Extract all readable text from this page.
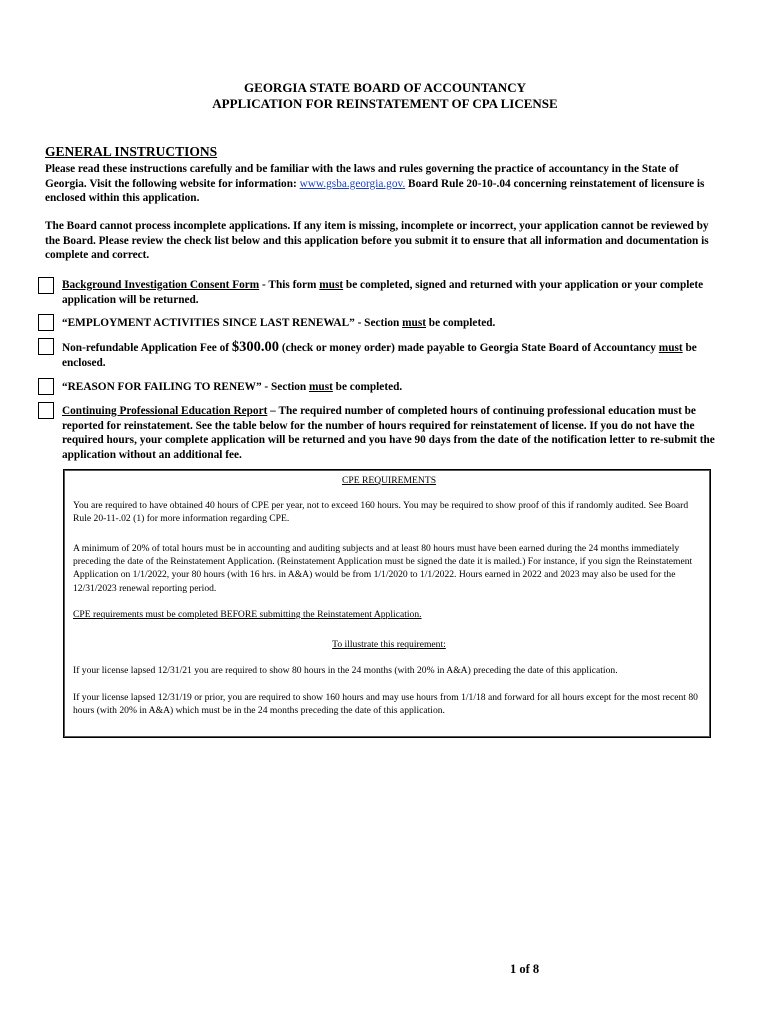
GEORGIA STATE BOARD OF ACCOUNTANCY
APPLICATION FOR REINSTATEMENT OF CPA LICENSE
GENERAL INSTRUCTIONS
Please read these instructions carefully and be familiar with the laws and rules governing the practice of accountancy in the State of Georgia. Visit the following website for information: www.gsba.georgia.gov. Board Rule 20-10-.04 concerning reinstatement of licensure is enclosed within this application.
The Board cannot process incomplete applications. If any item is missing, incomplete or incorrect, your application cannot be reviewed by the Board. Please review the check list below and this application before you submit it to ensure that all information and documentation is complete and correct.
Background Investigation Consent Form - This form must be completed, signed and returned with your application or your complete application will be returned.
“EMPLOYMENT ACTIVITIES SINCE LAST RENEWAL” - Section must be completed.
Non-refundable Application Fee of $300.00 (check or money order) made payable to Georgia State Board of Accountancy must be enclosed.
“REASON FOR FAILING TO RENEW” - Section must be completed.
Continuing Professional Education Report – The required number of completed hours of continuing professional education must be reported for reinstatement. See the table below for the number of hours required for reinstatement of license. If you do not have the required hours, your complete application will be returned and you have 90 days from the date of the notification letter to re-submit the application without an additional fee.
CPE REQUIREMENTS
You are required to have obtained 40 hours of CPE per year, not to exceed 160 hours. You may be required to show proof of this if randomly audited. See Board Rule 20-11-.02 (1) for more information regarding CPE.
A minimum of 20% of total hours must be in accounting and auditing subjects and at least 80 hours must have been earned during the 24 months immediately preceding the date of the Reinstatement Application. (Reinstatement Application must be signed the date it is mailed.) For instance, if you sign the Reinstatement Application on 1/1/2022, your 80 hours (with 16 hrs. in A&A) would be from 1/1/2020 to 1/1/2022. Hours earned in 2022 and 2023 may also be used for the 12/31/2023 renewal reporting period.
CPE requirements must be completed BEFORE submitting the Reinstatement Application.
To illustrate this requirement:
If your license lapsed 12/31/21 you are required to show 80 hours in the 24 months (with 20% in A&A) preceding the date of this application.
If your license lapsed 12/31/19 or prior, you are required to show 160 hours and may use hours from 1/1/18 and forward for all hours except for the most recent 80 hours (with 20% in A&A) which must be in the 24 months preceding the date of this application.
1 of 8
